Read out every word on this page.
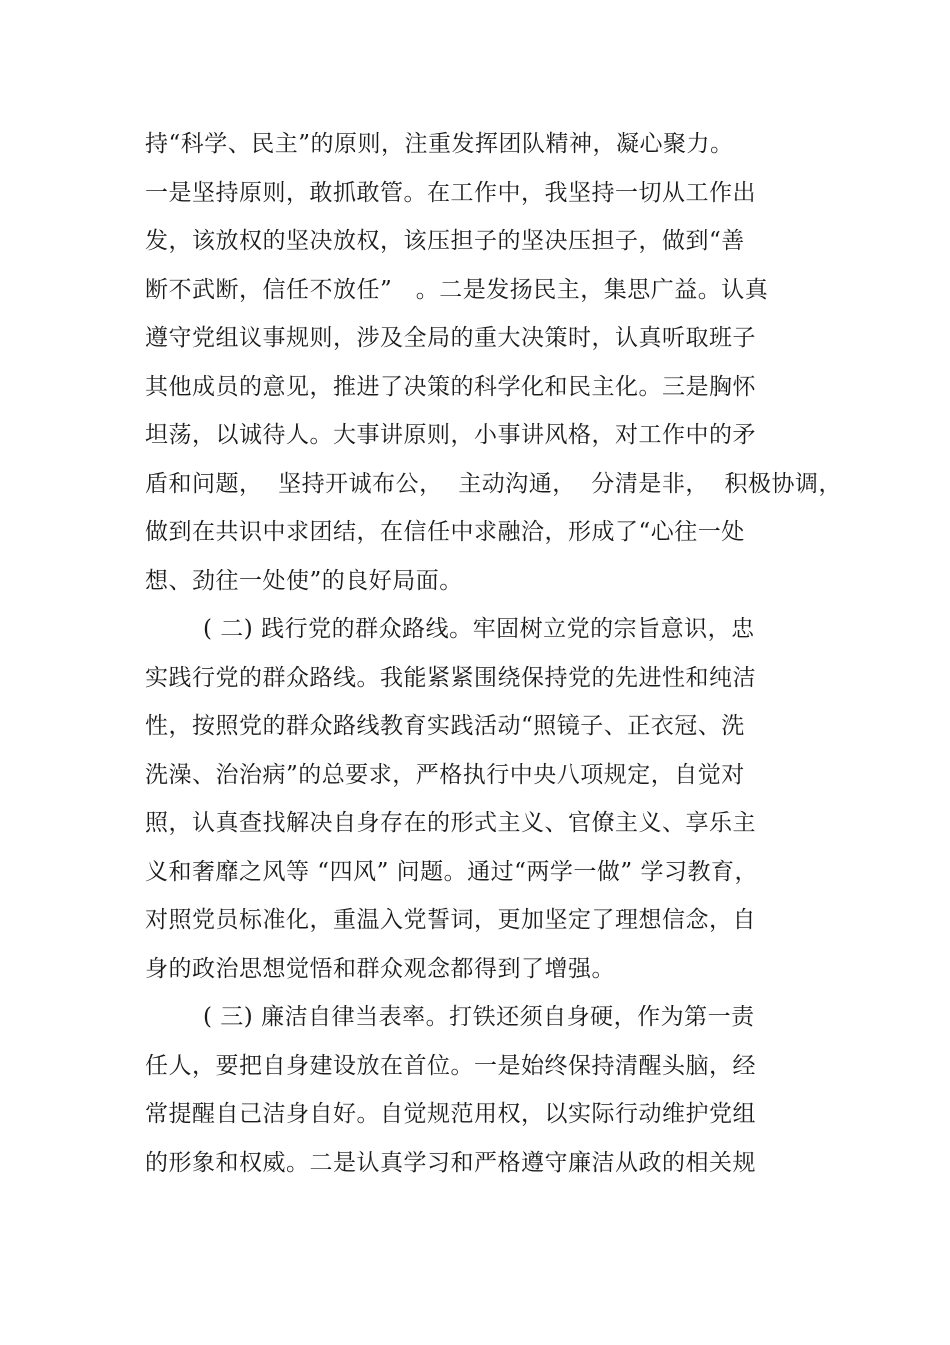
持“科学、民主”的原则，注重发挥团队精神，凝心聚力。
一是坚持原则，敢抓敢管。在工作中，我坚持一切从工作出
发，该放权的坚决放权，该压担子的坚决压担子，做到“善
断不武断，信任不放任”　。二是发扬民主，集思广益。认真
遵守党组议事规则，涉及全局的重大决策时，认真听取班子
其他成员的意见，推进了决策的科学化和民主化。三是胸怀
坦荡，以诚待人。大事讲原则，小事讲风格，对工作中的矛
盾和问题，  坚持开诚布公，  主动沟通，  分清是非，  积极协调，
做到在共识中求团结，在信任中求融洽，形成了“心往一处
想、劲往一处使”的良好局面。
( 二) 践行党的群众路线。牢固树立党的宗旨意识，忠
实践行党的群众路线。我能紧紧围绕保持党的先进性和纯洁
性，按照党的群众路线教育实践活动“照镜子、正衣冠、洗
洗澡、治治病”的总要求，严格执行中央八项规定，自觉对
照，认真查找解决自身存在的形式主义、官僚主义、享乐主
义和奢靡之风等 “四风” 问题。通过“两学一做” 学习教育，
对照党员标准化，重温入党誓词，更加坚定了理想信念，自
身的政治思想觉悟和群众观念都得到了增强。
( 三) 廉洁自律当表率。打铁还须自身硬，作为第一责
任人，要把自身建设放在首位。一是始终保持清醒头脑，经
常提醒自己洁身自好。自觉规范用权，以实际行动维护党组
的形象和权威。二是认真学习和严格遵守廉洁从政的相关规
